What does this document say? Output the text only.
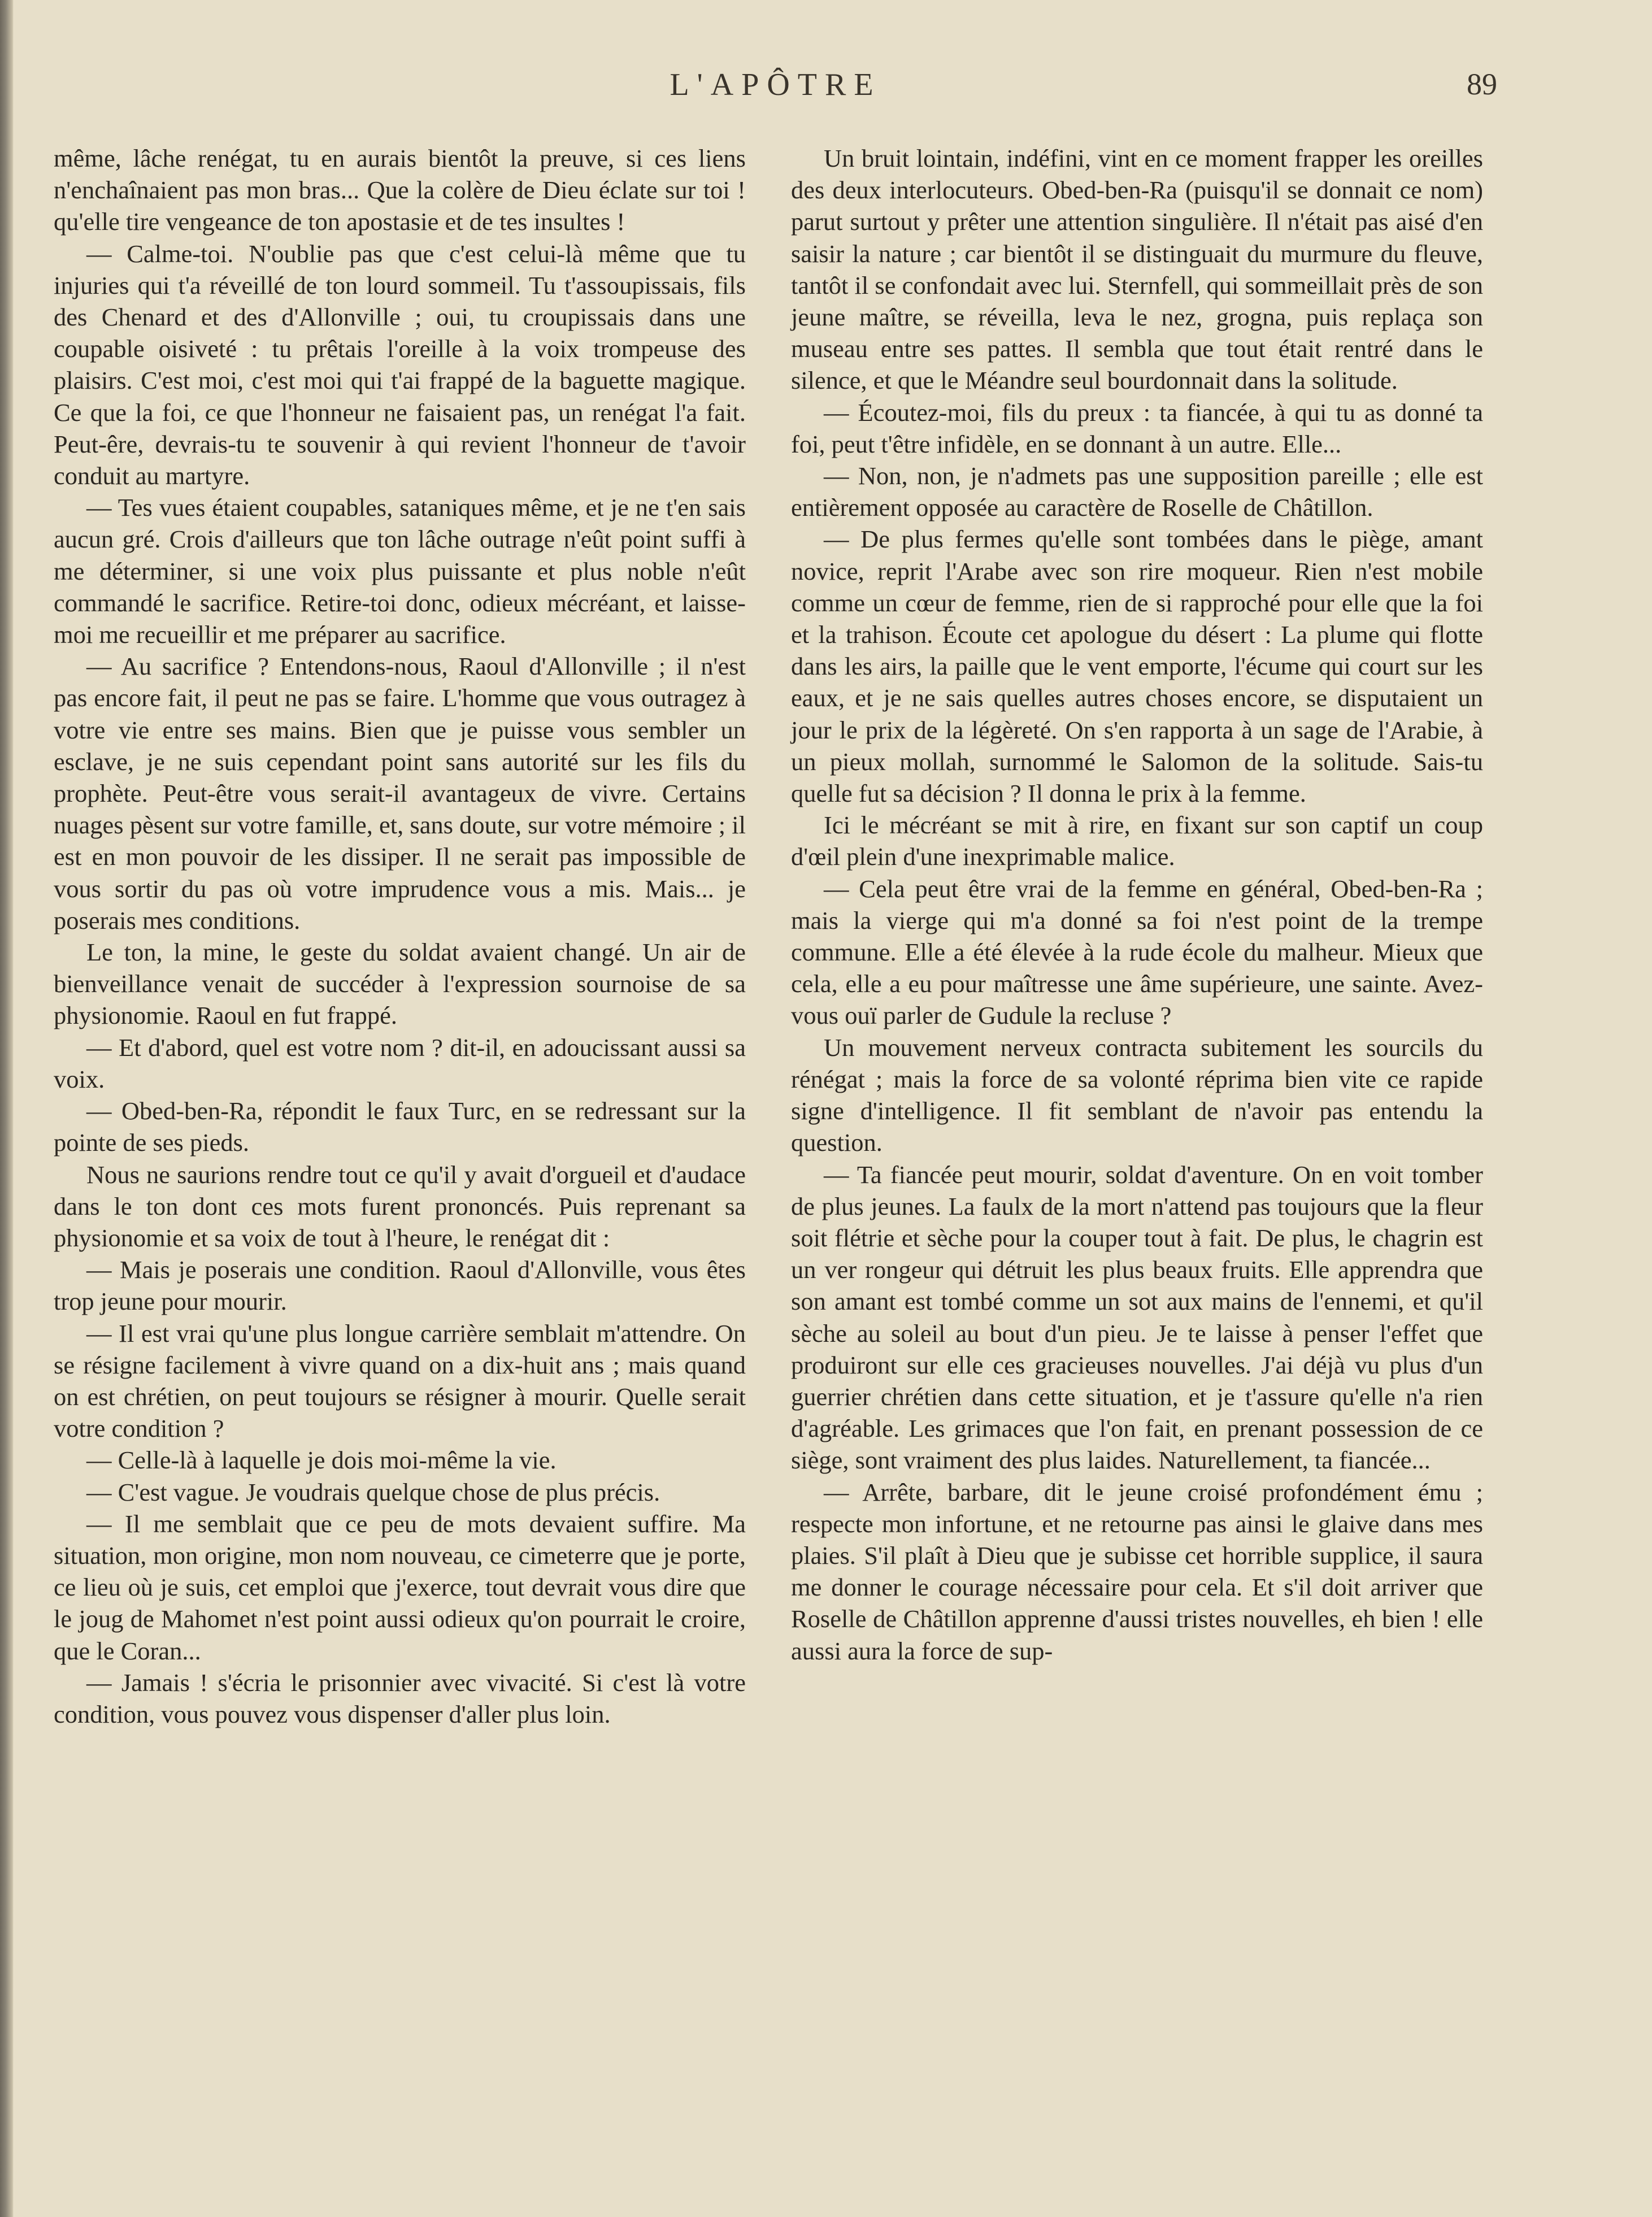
L'APÔTRE	89

même, lâche renégat, tu en aurais bientôt la preuve, si ces liens n'enchaînaient pas mon bras... Que la colère de Dieu éclate sur toi ! qu'elle tire vengeance de ton apostasie et de tes insultes !

— Calme-toi. N'oublie pas que c'est celui-là même que tu injuries qui t'a réveillé de ton lourd sommeil. Tu t'assoupissais, fils des Chenard et des d'Allonville ; oui, tu croupissais dans une coupable oisiveté : tu prêtais l'oreille à la voix trompeuse des plaisirs. C'est moi, c'est moi qui t'ai frappé de la baguette magique. Ce que la foi, ce que l'honneur ne faisaient pas, un renégat l'a fait. Peut-êre, devrais-tu te souvenir à qui revient l'honneur de t'avoir conduit au martyre.

— Tes vues étaient coupables, sataniques même, et je ne t'en sais aucun gré. Crois d'ailleurs que ton lâche outrage n'eût point suffi à me déterminer, si une voix plus puissante et plus noble n'eût commandé le sacrifice. Retire-toi donc, odieux mécréant, et laisse-moi me recueillir et me préparer au sacrifice.

— Au sacrifice ? Entendons-nous, Raoul d'Allonville ; il n'est pas encore fait, il peut ne pas se faire. L'homme que vous outragez à votre vie entre ses mains. Bien que je puisse vous sembler un esclave, je ne suis cependant point sans autorité sur les fils du prophète. Peut-être vous serait-il avantageux de vivre. Certains nuages pèsent sur votre famille, et, sans doute, sur votre mémoire ; il est en mon pouvoir de les dissiper. Il ne serait pas impossible de vous sortir du pas où votre imprudence vous a mis. Mais... je poserais mes conditions.

Le ton, la mine, le geste du soldat avaient changé. Un air de bienveillance venait de succéder à l'expression sournoise de sa physionomie. Raoul en fut frappé.

— Et d'abord, quel est votre nom ? dit-il, en adoucissant aussi sa voix.

— Obed-ben-Ra, répondit le faux Turc, en se redressant sur la pointe de ses pieds.

Nous ne saurions rendre tout ce qu'il y avait d'orgueil et d'audace dans le ton dont ces mots furent prononcés. Puis reprenant sa physionomie et sa voix de tout à l'heure, le renégat dit :

— Mais je poserais une condition. Raoul d'Allonville, vous êtes trop jeune pour mourir.

— Il est vrai qu'une plus longue carrière semblait m'attendre. On se résigne facilement à vivre quand on a dix-huit ans ; mais quand on est chrétien, on peut toujours se résigner à mourir. Quelle serait votre condition ?

— Celle-là à laquelle je dois moi-même la vie.

— C'est vague. Je voudrais quelque chose de plus précis.

— Il me semblait que ce peu de mots devaient suffire. Ma situation, mon origine, mon nom nouveau, ce cimeterre que je porte, ce lieu où je suis, cet emploi que j'exerce, tout devrait vous dire que le joug de Mahomet n'est point aussi odieux qu'on pourrait le croire, que le Coran...

— Jamais ! s'écria le prisonnier avec vivacité. Si c'est là votre condition, vous pouvez vous dispenser d'aller plus loin.

Un bruit lointain, indéfini, vint en ce moment frapper les oreilles des deux interlocuteurs. Obed-ben-Ra (puisqu'il se donnait ce nom) parut surtout y prêter une attention singulière. Il n'était pas aisé d'en saisir la nature ; car bientôt il se distinguait du murmure du fleuve, tantôt il se confondait avec lui. Sternfell, qui sommeillait près de son jeune maître, se réveilla, leva le nez, grogna, puis replaça son museau entre ses pattes. Il sembla que tout était rentré dans le silence, et que le Méandre seul bourdonnait dans la solitude.

— Écoutez-moi, fils du preux : ta fiancée, à qui tu as donné ta foi, peut t'être infidèle, en se donnant à un autre. Elle...

— Non, non, je n'admets pas une supposition pareille ; elle est entièrement opposée au caractère de Roselle de Châtillon.

— De plus fermes qu'elle sont tombées dans le piège, amant novice, reprit l'Arabe avec son rire moqueur. Rien n'est mobile comme un cœur de femme, rien de si rapproché pour elle que la foi et la trahison. Écoute cet apologue du désert : La plume qui flotte dans les airs, la paille que le vent emporte, l'écume qui court sur les eaux, et je ne sais quelles autres choses encore, se disputaient un jour le prix de la légèreté. On s'en rapporta à un sage de l'Arabie, à un pieux mollah, surnommé le Salomon de la solitude. Sais-tu quelle fut sa décision ? Il donna le prix à la femme.

Ici le mécréant se mit à rire, en fixant sur son captif un coup d'œil plein d'une inexprimable malice.

— Cela peut être vrai de la femme en général, Obed-ben-Ra ; mais la vierge qui m'a donné sa foi n'est point de la trempe commune. Elle a été élevée à la rude école du malheur. Mieux que cela, elle a eu pour maîtresse une âme supérieure, une sainte. Avez-vous ouï parler de Gudule la recluse ?

Un mouvement nerveux contracta subitement les sourcils du rénégat ; mais la force de sa volonté réprima bien vite ce rapide signe d'intelligence. Il fit semblant de n'avoir pas entendu la question.

— Ta fiancée peut mourir, soldat d'aventure. On en voit tomber de plus jeunes. La faulx de la mort n'attend pas toujours que la fleur soit flétrie et sèche pour la couper tout à fait. De plus, le chagrin est un ver rongeur qui détruit les plus beaux fruits. Elle apprendra que son amant est tombé comme un sot aux mains de l'ennemi, et qu'il sèche au soleil au bout d'un pieu. Je te laisse à penser l'effet que produiront sur elle ces gracieuses nouvelles. J'ai déjà vu plus d'un guerrier chrétien dans cette situation, et je t'assure qu'elle n'a rien d'agréable. Les grimaces que l'on fait, en prenant possession de ce siège, sont vraiment des plus laides. Naturellement, ta fiancée...

— Arrête, barbare, dit le jeune croisé profondément ému ; respecte mon infortune, et ne retourne pas ainsi le glaive dans mes plaies. S'il plaît à Dieu que je subisse cet horrible supplice, il saura me donner le courage nécessaire pour cela. Et s'il doit arriver que Roselle de Châtillon apprenne d'aussi tristes nouvelles, eh bien ! elle aussi aura la force de sup-
